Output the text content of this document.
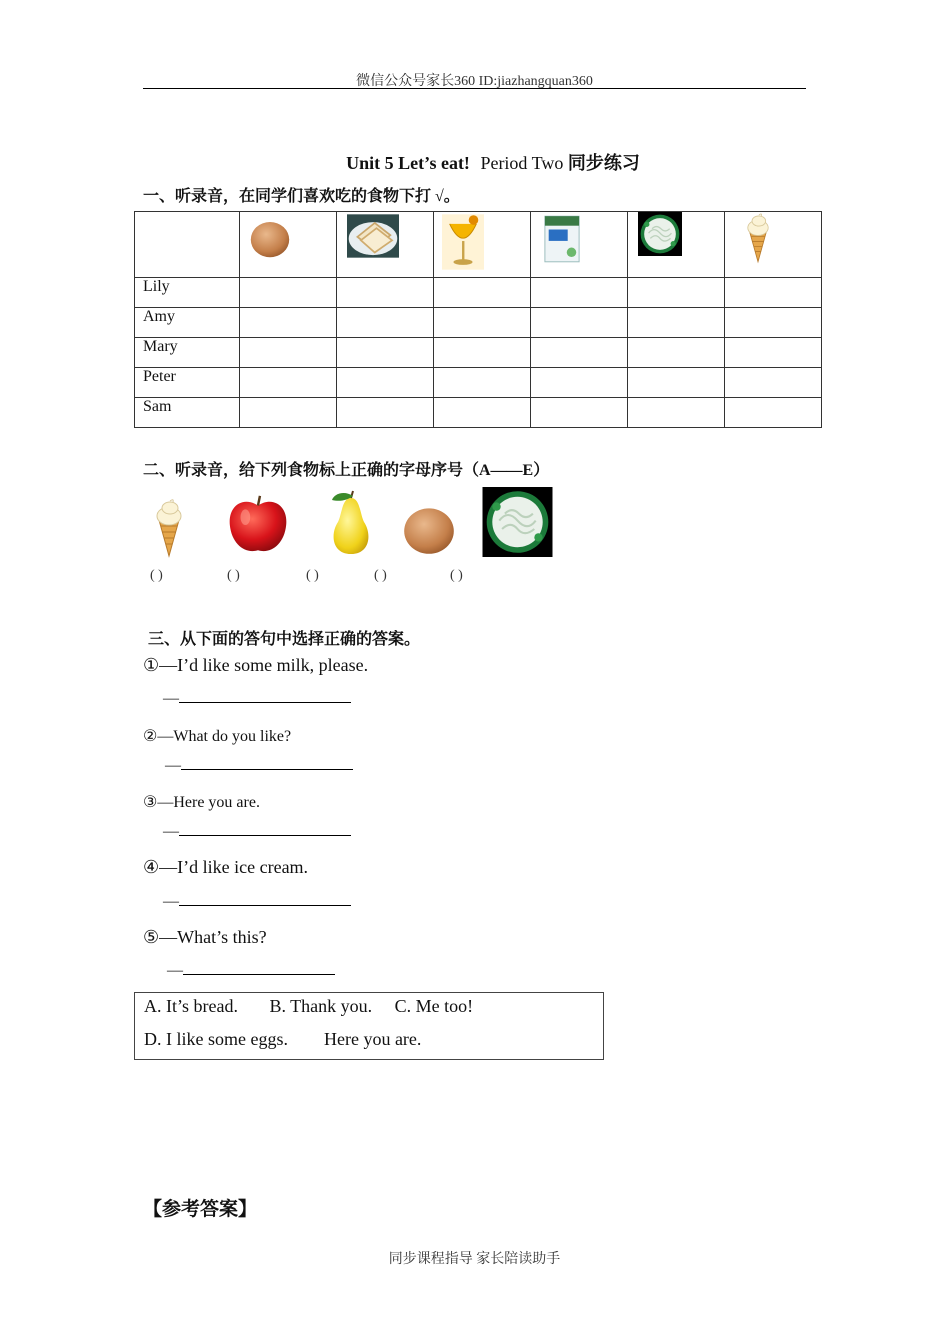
微信公众号家长360 ID:jiazhangquan360
Unit 5 Let’s eat! Period Two 同步练习
一、听录音，在同学们喜欢吃的食物下打 √。

Lily						
Amy						
Mary						
Peter						
Sam						
二、听录音，给下列食物标上正确的字母序号（A——E）
( )	( )	( )	( )	( )
三、从下面的答句中选择正确的答案。
①—I’d like some milk, please.
—
②—What do you like?
—
③—Here you are.
—
④—I’d like ice cream.
—
⑤—What’s this?
—
A. It’s bread.       B. Thank you.     C. Me too!
D. I like some eggs.        Here you are.
【参考答案】
同步课程指导 家长陪读助手
